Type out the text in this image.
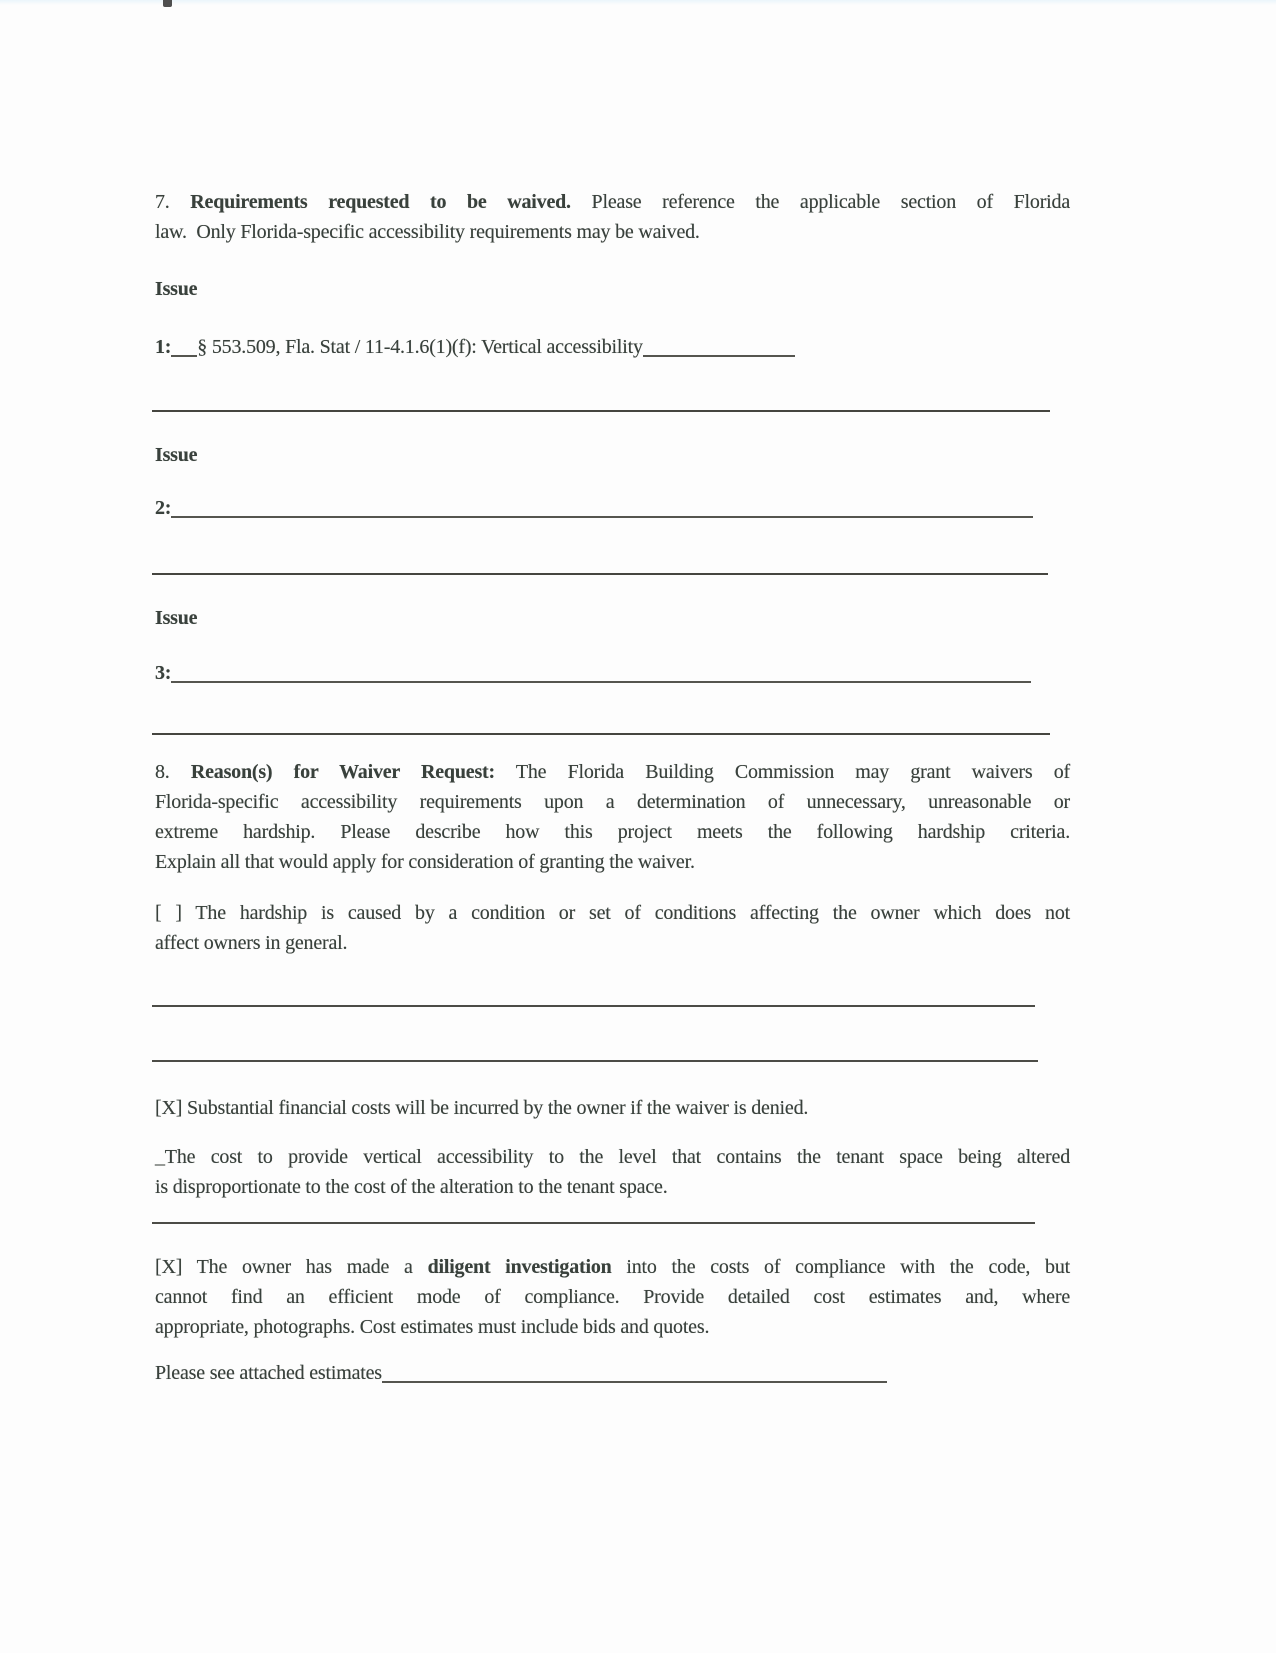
7. Requirements requested to be waived. Please reference the applicable section of Florida
law.  Only Florida-specific accessibility requirements may be waived.
Issue
1: § 553.509, Fla. Stat / 11-4.1.6(1)(f): Vertical accessibility
Issue
2:
Issue
3:
8. Reason(s) for Waiver Request: The Florida Building Commission may grant waivers of
Florida-specific accessibility requirements upon a determination of unnecessary, unreasonable or
extreme hardship. Please describe how this project meets the following hardship criteria.
Explain all that would apply for consideration of granting the waiver.
[ ] The hardship is caused by a condition or set of conditions affecting the owner which does not
affect owners in general.
[X] Substantial financial costs will be incurred by the owner if the waiver is denied.
_The cost to provide vertical accessibility to the level that contains the tenant space being altered
is disproportionate to the cost of the alteration to the tenant space.
[X] The owner has made a diligent investigation into the costs of compliance with the code, but
cannot find an efficient mode of compliance. Provide detailed cost estimates and, where
appropriate, photographs. Cost estimates must include bids and quotes.
Please see attached estimates
